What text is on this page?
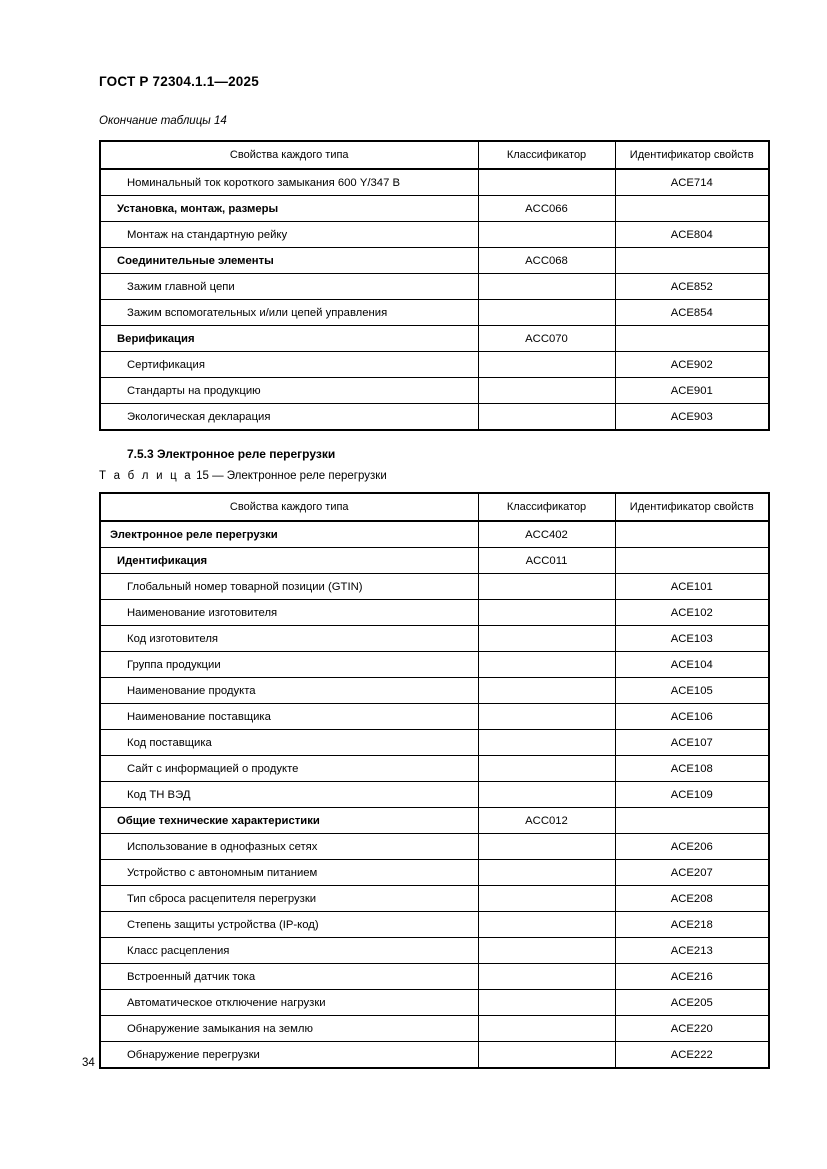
ГОСТ Р 72304.1.1—2025
Окончание таблицы 14
Свойства каждого типа	Классификатор	Идентификатор свойств
Номинальный ток короткого замыкания 600 Y/347 В		ACE714
Установка, монтаж, размеры	ACC066	
Монтаж на стандартную рейку		ACE804
Соединительные элементы	ACC068	
Зажим главной цепи		ACE852
Зажим вспомогательных и/или цепей управления		ACE854
Верификация	ACC070	
Сертификация		ACE902
Стандарты на продукцию		ACE901
Экологическая декларация		ACE903
7.5.3 Электронное реле перегрузки
Т а б л и ц а 15 — Электронное реле перегрузки
Свойства каждого типа	Классификатор	Идентификатор свойств
Электронное реле перегрузки	ACC402	
Идентификация	ACC011	
Глобальный номер товарной позиции (GTIN)		ACE101
Наименование изготовителя		ACE102
Код изготовителя		ACE103
Группа продукции		ACE104
Наименование продукта		ACE105
Наименование поставщика		ACE106
Код поставщика		ACE107
Сайт с информацией о продукте		ACE108
Код ТН ВЭД		ACE109
Общие технические характеристики	ACC012	
Использование в однофазных сетях		ACE206
Устройство с автономным питанием		ACE207
Тип сброса расцепителя перегрузки		ACE208
Степень защиты устройства (IP-код)		ACE218
Класс расцепления		ACE213
Встроенный датчик тока		ACE216
Автоматическое отключение нагрузки		ACE205
Обнаружение замыкания на землю		ACE220
Обнаружение перегрузки		ACE222
34
